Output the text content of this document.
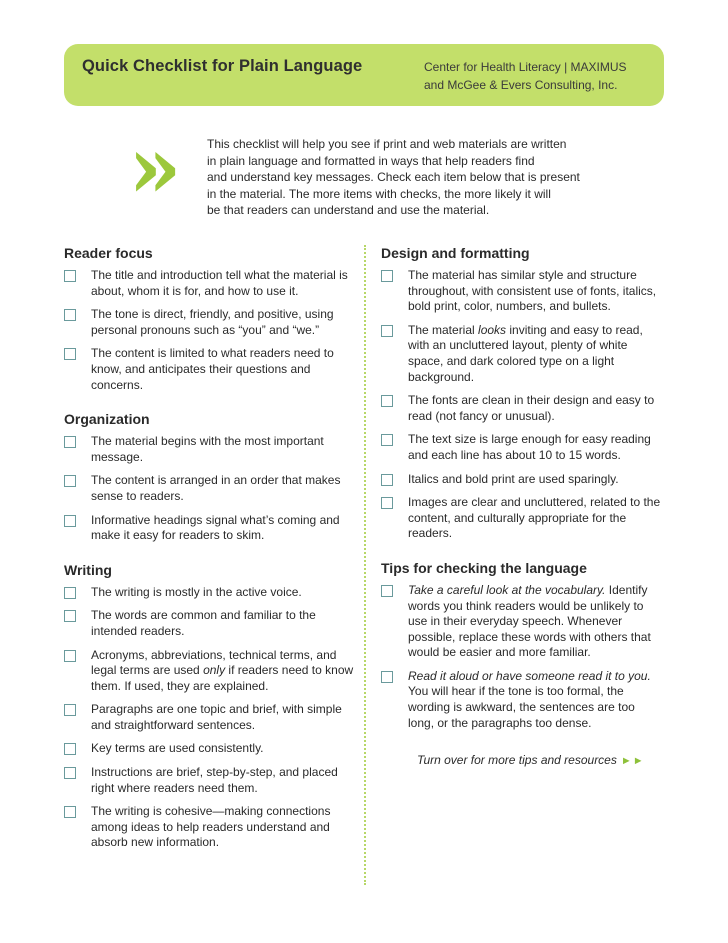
Quick Checklist for Plain Language	Center for Health Literacy | MAXIMUS
and McGee & Evers Consulting, Inc.
»	This checklist will help you see if print and web materials are written
in plain language and formatted in ways that help readers find
and understand key messages. Check each item below that is present
in the material. The more items with checks, the more likely it will
be that readers can understand and use the material.
Reader focus
The title and introduction tell what the material is about, whom it is for, and how to use it.
The tone is direct, friendly, and positive, using personal pronouns such as “you” and “we.”
The content is limited to what readers need to know, and anticipates their questions and concerns.
Organization
The material begins with the most important message.
The content is arranged in an order that makes sense to readers.
Informative headings signal what’s coming and make it easy for readers to skim.
Writing
The writing is mostly in the active voice.
The words are common and familiar to the intended readers.
Acronyms, abbreviations, technical terms, and legal terms are used only if readers need to know them. If used, they are explained.
Paragraphs are one topic and brief, with simple and straightforward sentences.
Key terms are used consistently.
Instructions are brief, step-by-step, and placed right where readers need them.
The writing is cohesive—making connections among ideas to help readers understand and absorb new information.
Design and formatting
The material has similar style and structure throughout, with consistent use of fonts, italics, bold print, color, numbers, and bullets.
The material looks inviting and easy to read, with an uncluttered layout, plenty of white space, and dark colored type on a light background.
The fonts are clean in their design and easy to read (not fancy or unusual).
The text size is large enough for easy reading and each line has about 10 to 15 words.
Italics and bold print are used sparingly.
Images are clear and uncluttered, related to the content, and culturally appropriate for the readers.
Tips for checking the language
Take a careful look at the vocabulary. Identify words you think readers would be unlikely to use in their everyday speech. Whenever possible, replace these words with others that would be easier and more familiar.
Read it aloud or have someone read it to you. You will hear if the tone is too formal, the wording is awkward, the sentences are too long, or the paragraphs too dense.
Turn over for more tips and resources ►►
